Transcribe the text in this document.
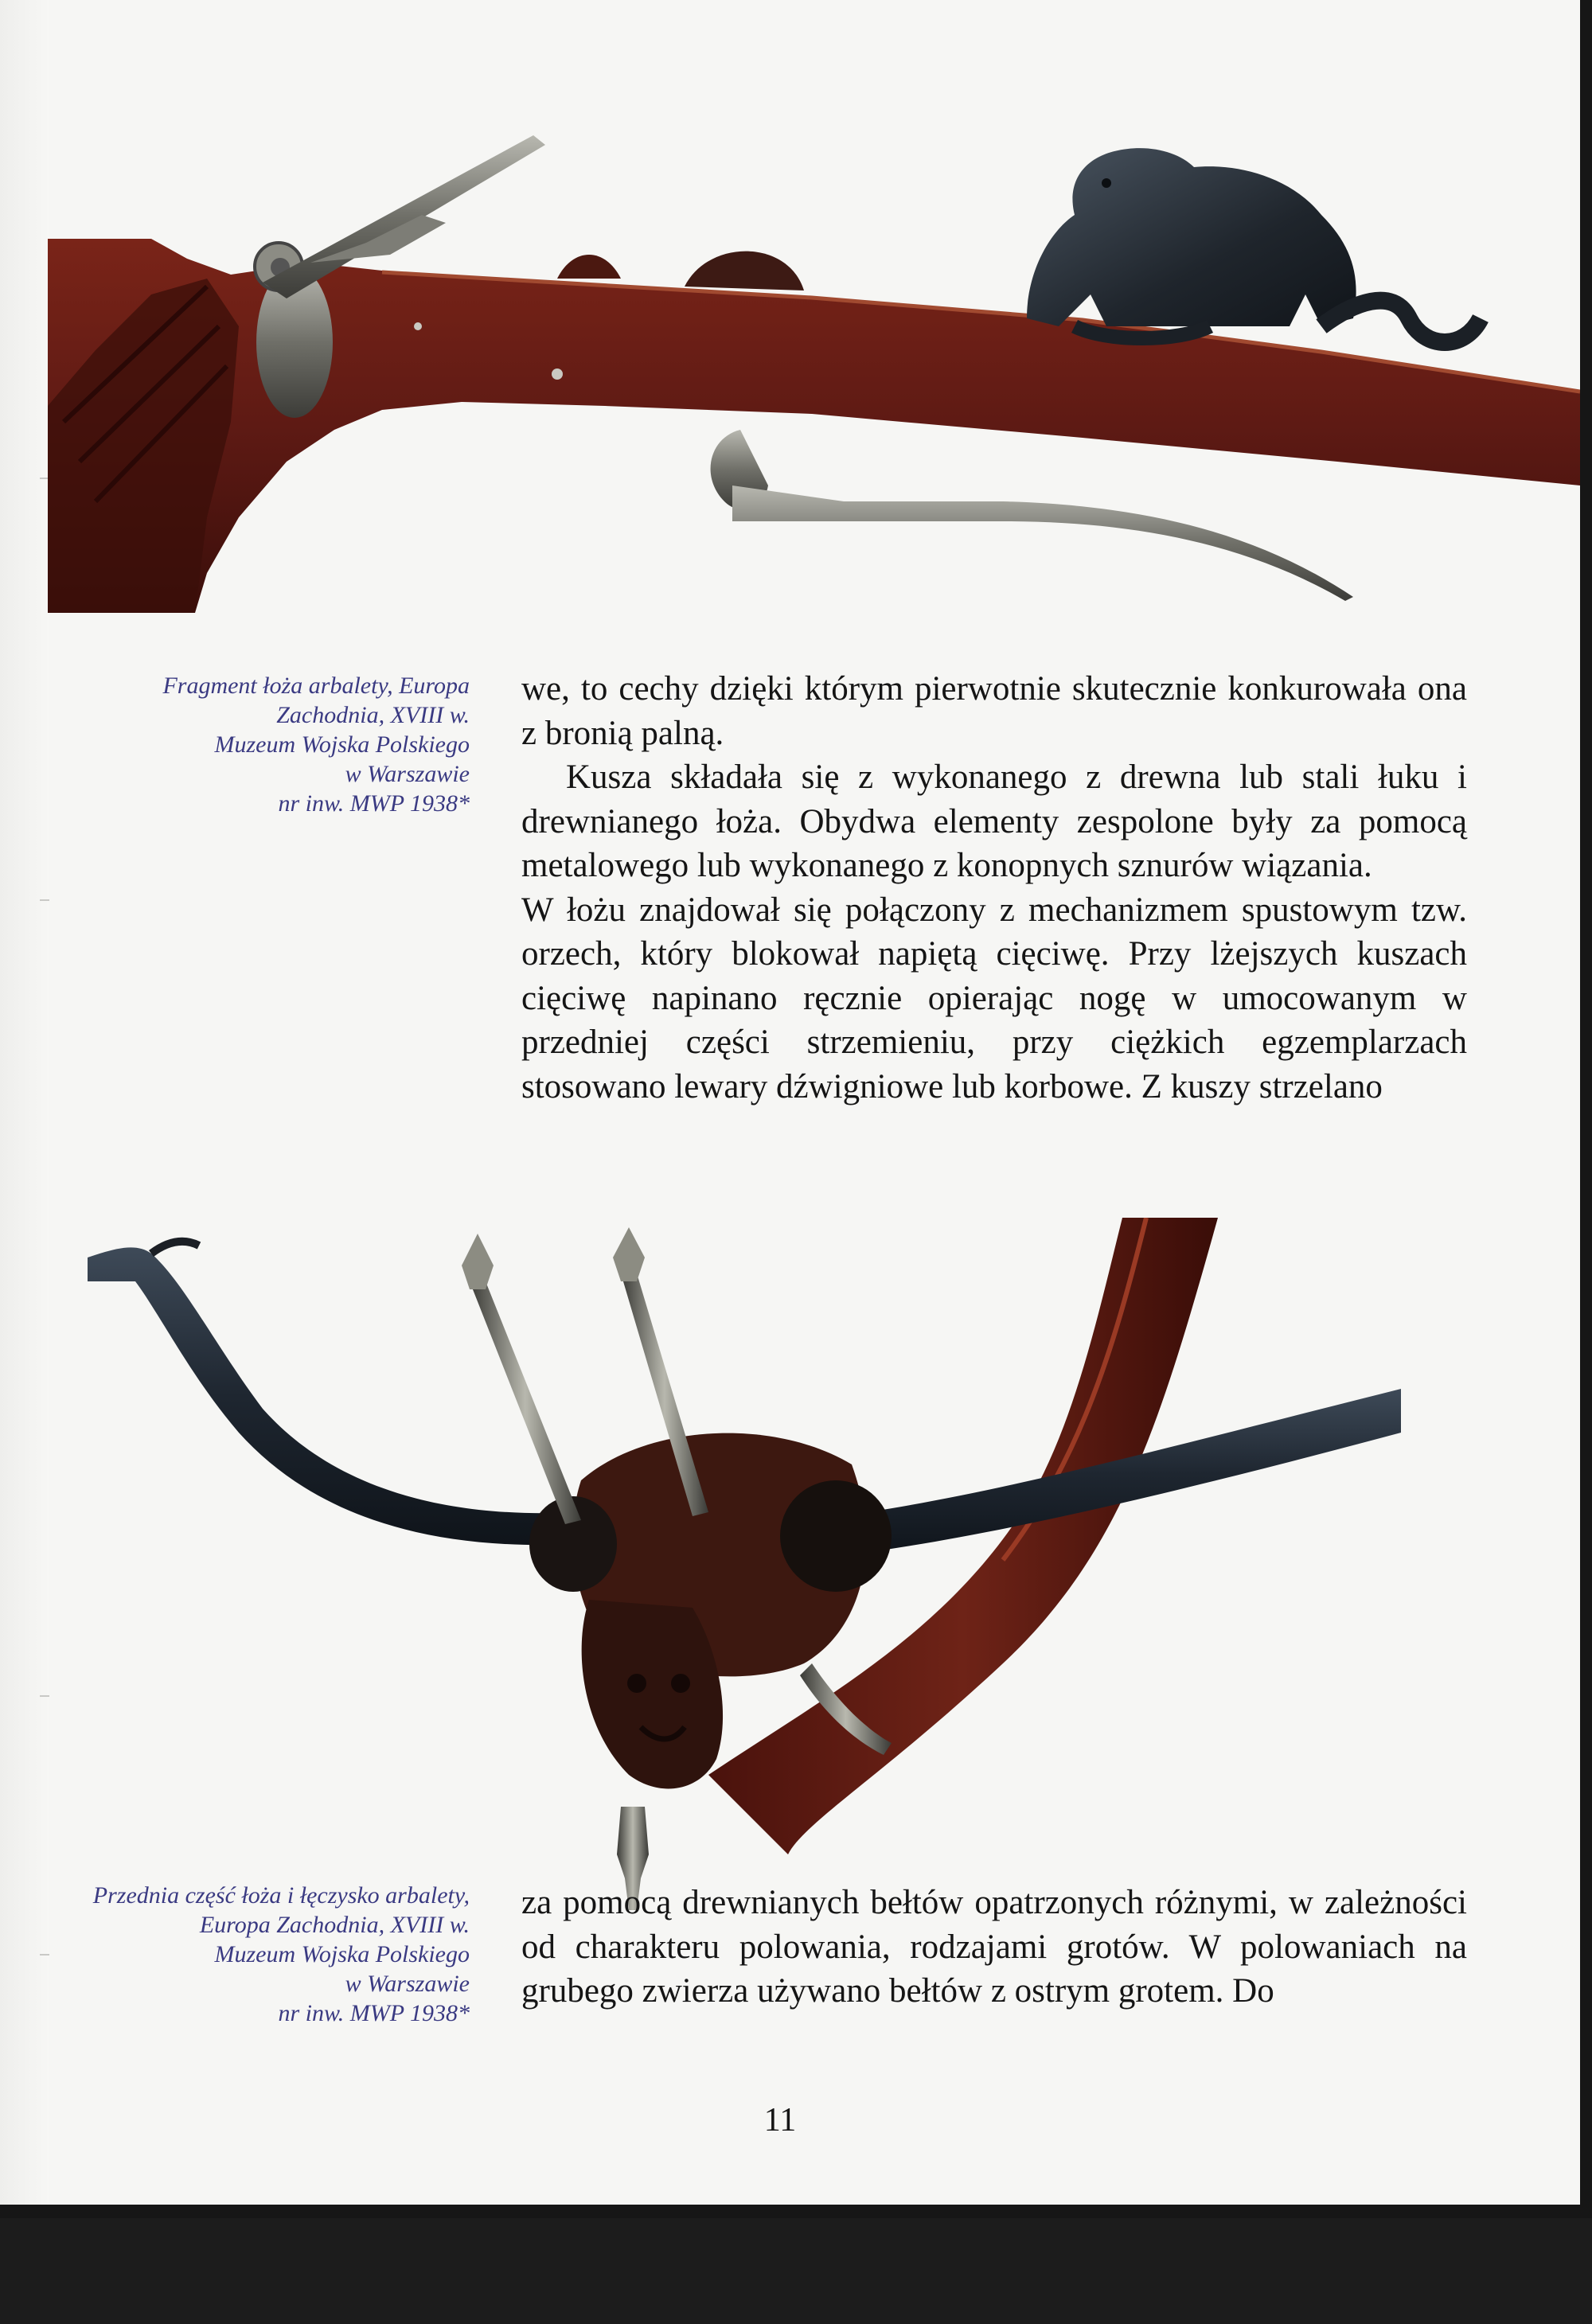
Fragment łoża arbalety, Europa
Zachodnia, XVIII w.
Muzeum Wojska Polskiego
w Warszawie
nr inw. MWP 1938*

we, to cechy dzięki którym pierwotnie skutecznie konkurowała ona z bronią palną.

Kusza składała się z wykonanego z drewna lub stali łuku i drewnianego łoża. Obydwa elementy zespolone były za pomocą metalowego lub wykonanego z konopnych sznurów wiązania.

W łożu znajdował się połączony z mechanizmem spustowym tzw. orzech, który blokował napiętą cięciwę. Przy lżejszych kuszach cięciwę napinano ręcznie opierając nogę w umocowanym w przedniej części strzemieniu, przy ciężkich egzemplarzach stosowano lewary dźwigniowe lub korbowe. Z kuszy strzelano

Przednia część łoża i łęczysko arbalety,
Europa Zachodnia, XVIII w.
Muzeum Wojska Polskiego
w Warszawie
nr inw. MWP 1938*

za pomocą drewnianych bełtów opatrzonych różnymi, w zależności od charakteru polowania, rodzajami grotów. W polowaniach na grubego zwierza używano bełtów z ostrym grotem. Do

11
